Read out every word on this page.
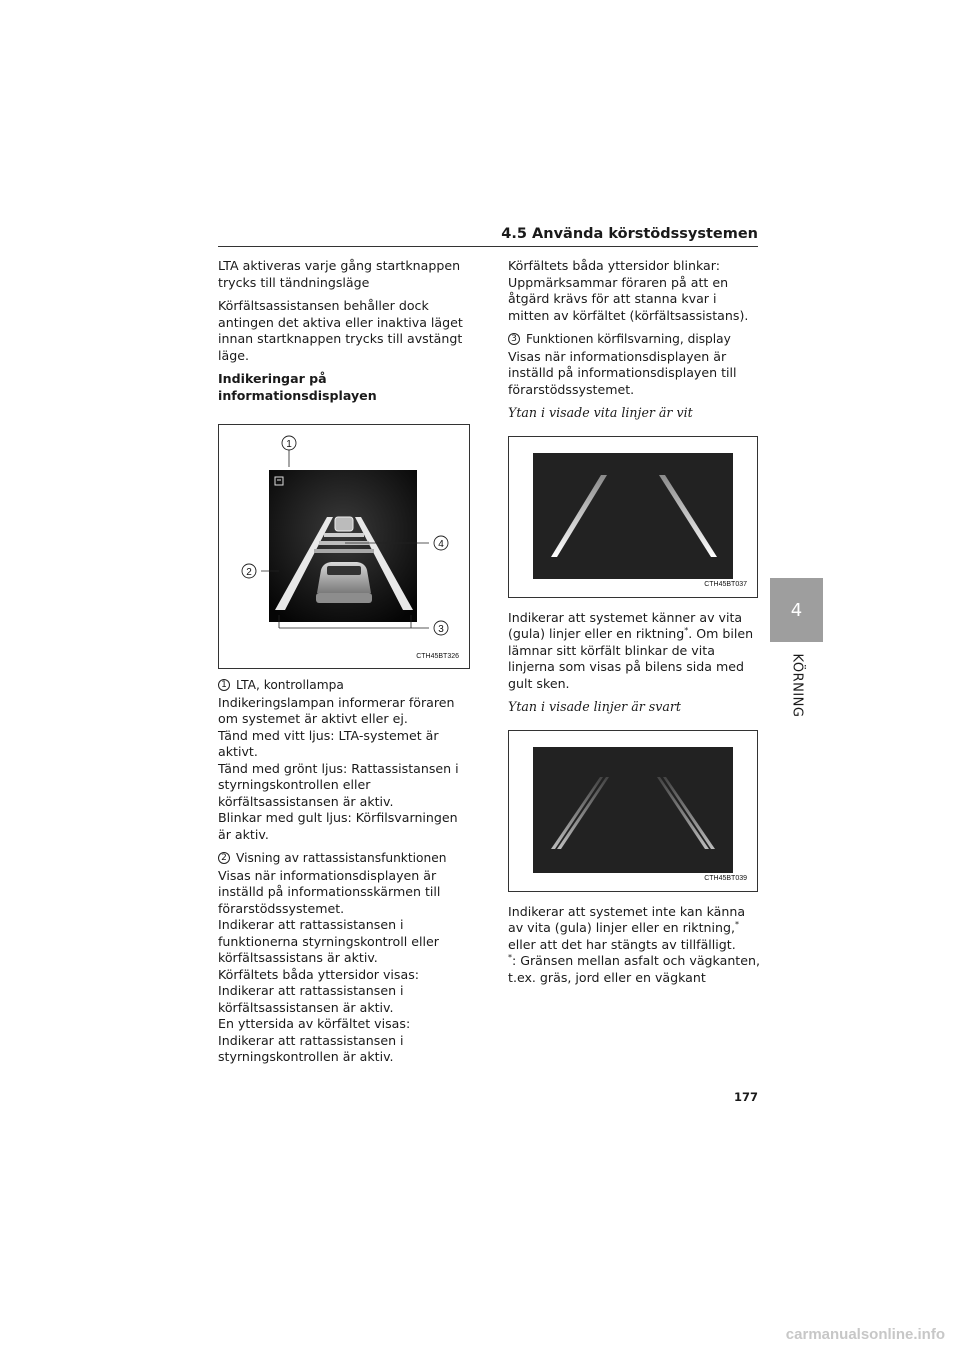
4.5 Använda körstödssystemen

LTA aktiveras varje gång startknappen trycks till tändningsläge

Körfältsassistansen behåller dock antingen det aktiva eller inaktiva läget innan startknappen trycks till avstängt läge.

Indikeringar på informationsdisplayen

1
2
3
4
CTH45BT326
1 LTA, kontrollampa

Indikeringslampan informerar föraren om systemet är aktivt eller ej.

Tänd med vitt ljus: LTA-systemet är aktivt.

Tänd med grönt ljus: Rattassistansen i styrningskontrollen eller körfältsassistansen är aktiv.

Blinkar med gult ljus: Körfilsvarningen är aktiv.

2 Visning av rattassistansfunktionen

Visas när informationsdisplayen är inställd på informationsskärmen till förarstödssystemet.

Indikerar att rattassistansen i funktionerna styrningskontroll eller körfältsassistans är aktiv.

Körfältets båda yttersidor visas: Indikerar att rattassistansen i körfältsassistansen är aktiv.

En yttersida av körfältet visas: Indikerar att rattassistansen i styrningskontrollen är aktiv.

Körfältets båda yttersidor blinkar: Uppmärksammar föraren på att en åtgärd krävs för att stanna kvar i mitten av körfältet (körfältsassistans).

3 Funktionen körfilsvarning, display

Visas när informationsdisplayen är inställd på informationsdisplayen till förarstödssystemet.

Ytan i visade vita linjer är vit

CTH45BT037

Indikerar att systemet känner av vita (gula) linjer eller en riktning*. Om bilen lämnar sitt körfält blinkar de vita linjerna som visas på bilens sida med gult sken.

Ytan i visade linjer är svart

CTH45BT039

Indikerar att systemet inte kan känna av vita (gula) linjer eller en riktning,* eller att det har stängts av tillfälligt.

*: Gränsen mellan asfalt och vägkanten, t.ex. gräs, jord eller en vägkant

4
KÖRNING
177
carmanualsonline.info
